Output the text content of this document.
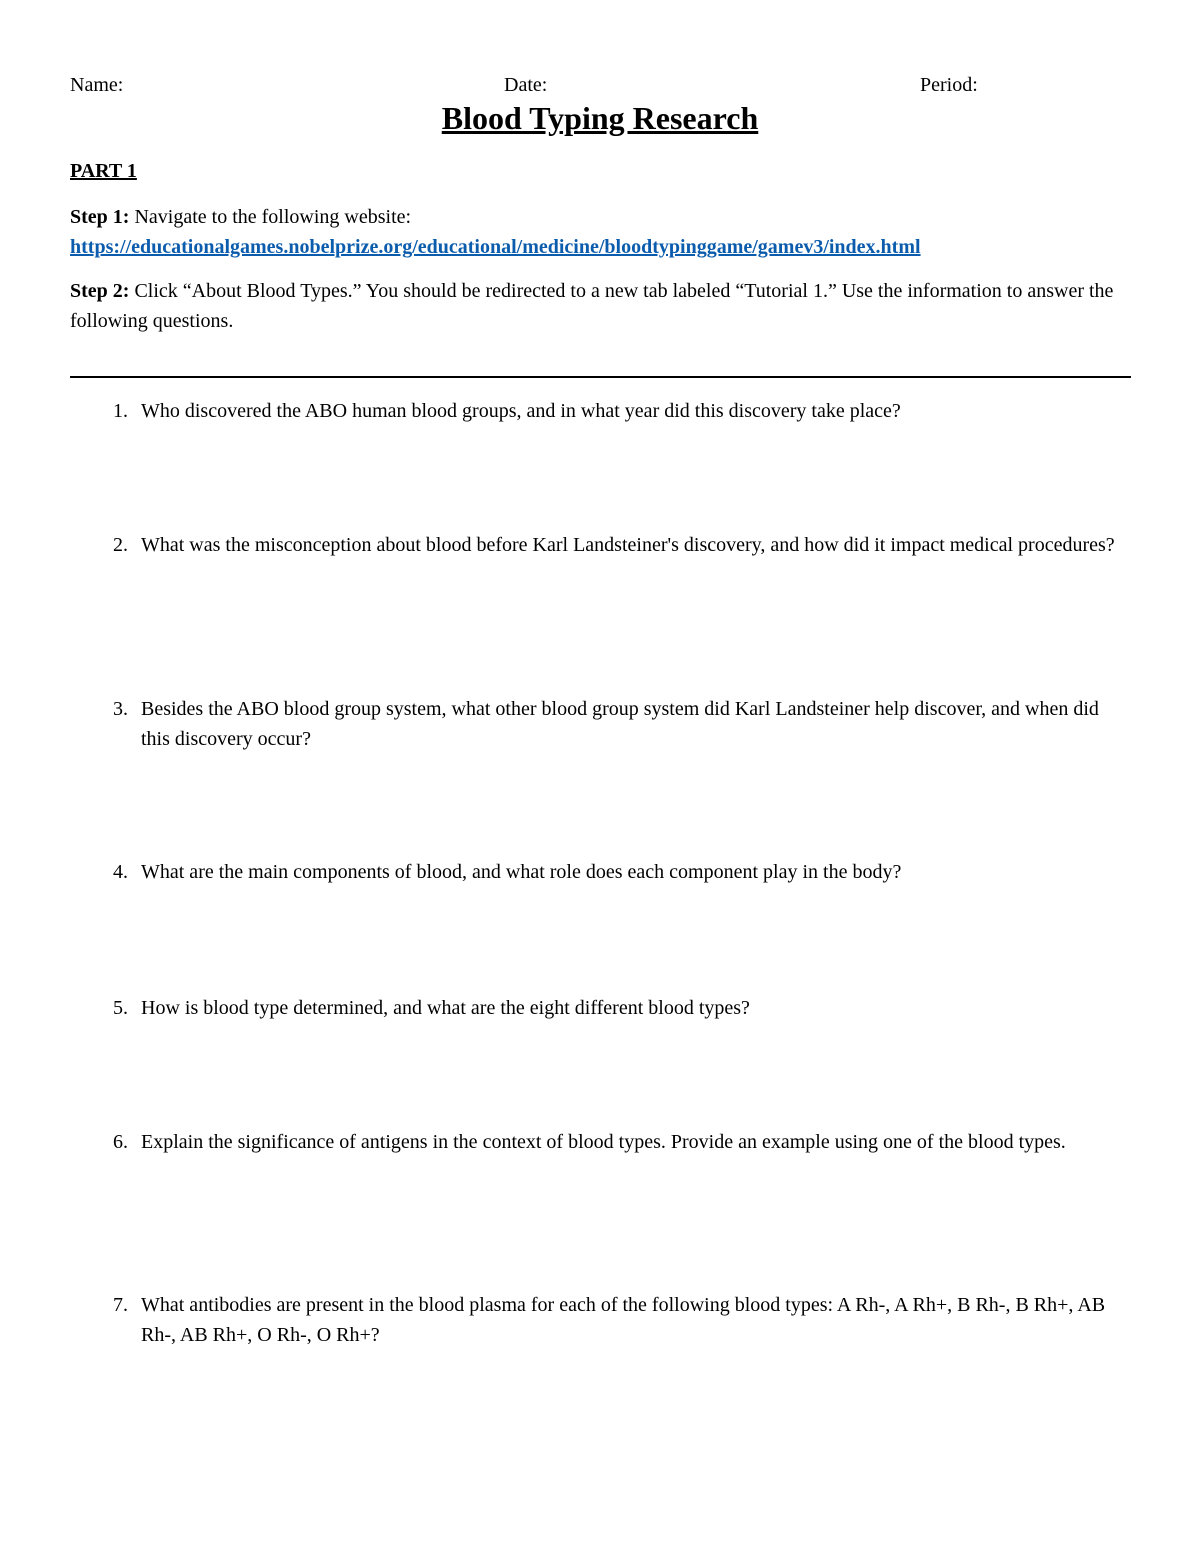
Name:	Date:	Period:
Blood Typing Research
PART 1
Step 1: Navigate to the following website:
https://educationalgames.nobelprize.org/educational/medicine/bloodtypinggame/gamev3/index.html
Step 2: Click “About Blood Types.” You should be redirected to a new tab labeled “Tutorial 1.” Use the information to answer the following questions.
1. Who discovered the ABO human blood groups, and in what year did this discovery take place?
2. What was the misconception about blood before Karl Landsteiner's discovery, and how did it impact medical procedures?
3. Besides the ABO blood group system, what other blood group system did Karl Landsteiner help discover, and when did this discovery occur?
4. What are the main components of blood, and what role does each component play in the body?
5. How is blood type determined, and what are the eight different blood types?
6. Explain the significance of antigens in the context of blood types. Provide an example using one of the blood types.
7. What antibodies are present in the blood plasma for each of the following blood types: A Rh-, A Rh+, B Rh-, B Rh+, AB Rh-, AB Rh+, O Rh-, O Rh+?
